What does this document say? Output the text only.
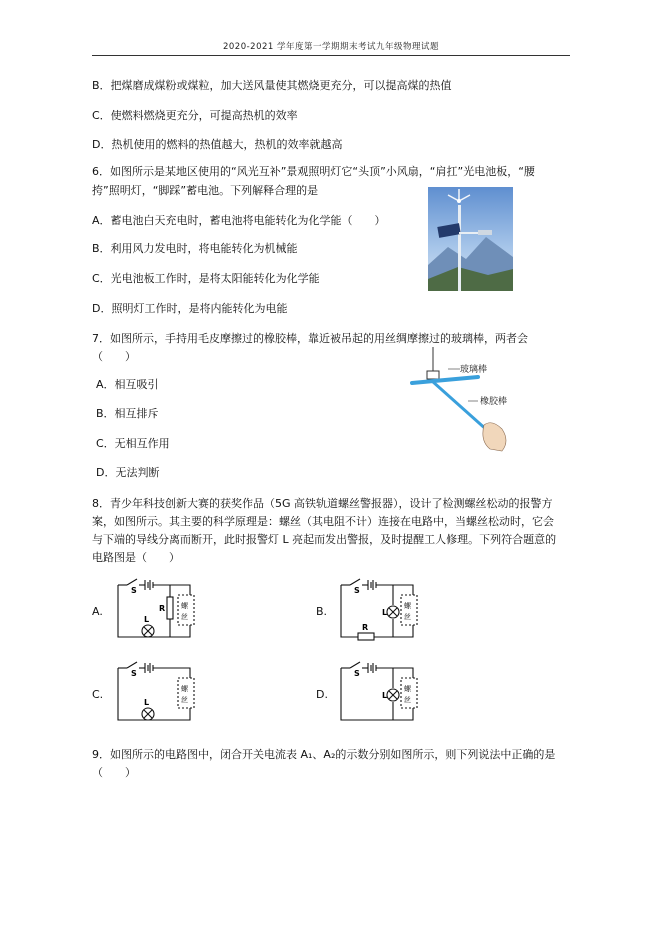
2020-2021 学年度第一学期期末考试九年级物理试题
B．把煤磨成煤粉或煤粒，加大送风量使其燃烧更充分，可以提高煤的热值
C．使燃料燃烧更充分，可提高热机的效率
D．热机使用的燃料的热值越大，热机的效率就越高
6．如图所示是某地区使用的“风光互补”景观照明灯它“头顶”小风扇，“肩扛”光电池板，“腰
挎”照明灯，“脚踩”蓄电池。下列解释合理的是
A．蓄电池白天充电时，蓄电池将电能转化为化学能（　　）
B．利用风力发电时，将电能转化为机械能
C．光电池板工作时，是将太阳能转化为化学能
D．照明灯工作时，是将内能转化为电能
7．如图所示，手持用毛皮摩擦过的橡胶棒，靠近被吊起的用丝绸摩擦过的玻璃棒，两者会
（　　）
A．相互吸引
B．相互排斥
C．无相互作用
D．无法判断
玻璃棒
橡胶棒
8．青少年科技创新大赛的获奖作品（5G 高铁轨道螺丝警报器），设计了检测螺丝松动的报警方
案，如图所示。其主要的科学原理是：螺丝（其电阻不计）连接在电路中，当螺丝松动时，它会
与下端的导线分离而断开，此时报警灯 L 亮起而发出警报，及时提醒工人修理。下列符合题意的
电路图是（　　）
A.
S
R
L
螺
丝	B.
S
L
R
螺
丝
C.
S
L
螺
丝	D.
S
L
螺
丝
9．如图所示的电路图中，闭合开关电流表 A₁、A₂的示数分别如图所示，则下列说法中正确的是
（　　）
